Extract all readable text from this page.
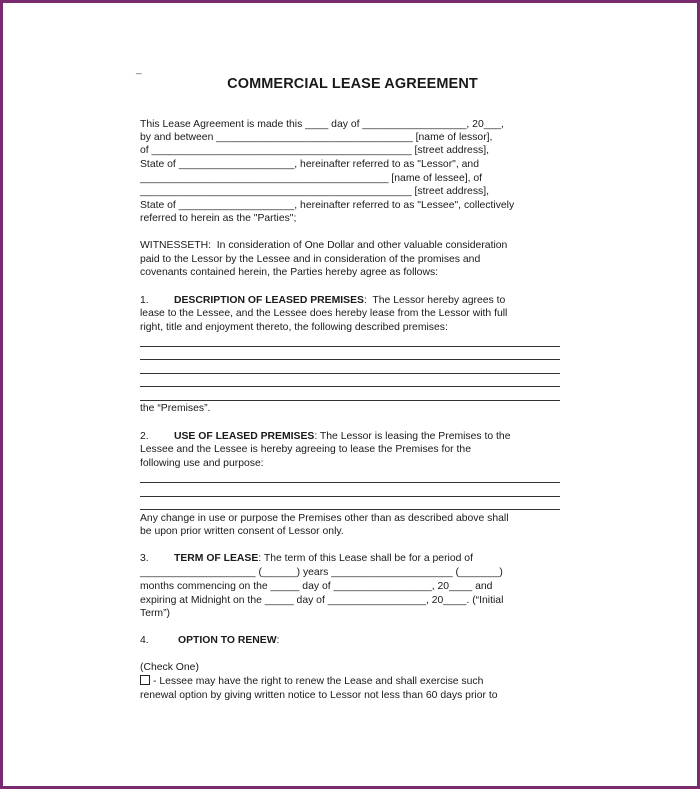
_
COMMERCIAL LEASE AGREEMENT
This Lease Agreement is made this ____ day of __________________, 20___,
by and between __________________________________ [name of lessor],
of _____________________________________________ [street address],
State of ____________________, hereinafter referred to as "Lessor", and
___________________________________________ [name of lessee], of
_______________________________________________ [street address],
State of ____________________, hereinafter referred to as "Lessee", collectively
referred to herein as the "Parties";
WITNESSETH:  In consideration of One Dollar and other valuable consideration
paid to the Lessor by the Lessee and in consideration of the promises and
covenants contained herein, the Parties hereby agree as follows:
1. DESCRIPTION OF LEASED PREMISES:  The Lessor hereby agrees to
lease to the Lessee, and the Lessee does hereby lease from the Lessor with full
right, title and enjoyment thereto, the following described premises:
the “Premises”.
2. USE OF LEASED PREMISES: The Lessor is leasing the Premises to the
Lessee and the Lessee is hereby agreeing to lease the Premises for the
following use and purpose:
Any change in use or purpose the Premises other than as described above shall
be upon prior written consent of Lessor only.
3. TERM OF LEASE: The term of this Lease shall be for a period of
____________________ (______) years _____________________ (_______)
months commencing on the _____ day of _________________, 20____ and
expiring at Midnight on the _____ day of _________________, 20____. (“Initial
Term”)
4.	OPTION TO RENEW:
(Check One)
- Lessee may have the right to renew the Lease and shall exercise such
renewal option by giving written notice to Lessor not less than 60 days prior to
